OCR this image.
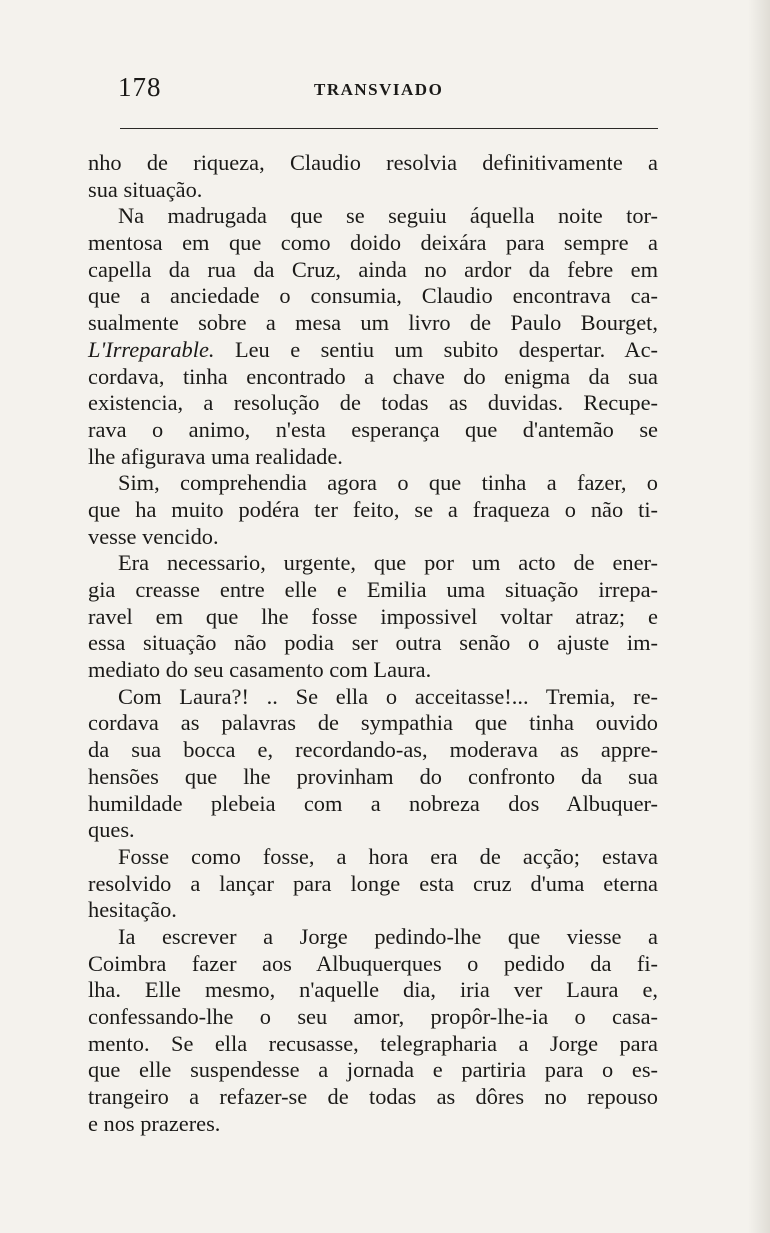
178	TRANSVIADO
nho de riqueza, Claudio resolvia definitivamente a
sua situação.
Na madrugada que se seguiu áquella noite tor-
mentosa em que como doido deixára para sempre a
capella da rua da Cruz, ainda no ardor da febre em
que a anciedade o consumia, Claudio encontrava ca-
sualmente sobre a mesa um livro de Paulo Bourget,
L'Irreparable. Leu e sentiu um subito despertar. Ac-
cordava, tinha encontrado a chave do enigma da sua
existencia, a resolução de todas as duvidas. Recupe-
rava o animo, n'esta esperança que d'antemão se
lhe afigurava uma realidade.
Sim, comprehendia agora o que tinha a fazer, o
que ha muito podéra ter feito, se a fraqueza o não ti-
vesse vencido.
Era necessario, urgente, que por um acto de ener-
gia creasse entre elle e Emilia uma situação irrepa-
ravel em que lhe fosse impossivel voltar atraz; e
essa situação não podia ser outra senão o ajuste im-
mediato do seu casamento com Laura.
Com Laura?! .. Se ella o acceitasse!... Tremia, re-
cordava as palavras de sympathia que tinha ouvido
da sua bocca e, recordando-as, moderava as appre-
hensões que lhe provinham do confronto da sua
humildade plebeia com a nobreza dos Albuquer-
ques.
Fosse como fosse, a hora era de acção; estava
resolvido a lançar para longe esta cruz d'uma eterna
hesitação.
Ia escrever a Jorge pedindo-lhe que viesse a
Coimbra fazer aos Albuquerques o pedido da fi-
lha. Elle mesmo, n'aquelle dia, iria ver Laura e,
confessando-lhe o seu amor, propôr-lhe-ia o casa-
mento. Se ella recusasse, telegrapharia a Jorge para
que elle suspendesse a jornada e partiria para o es-
trangeiro a refazer-se de todas as dôres no repouso
e nos prazeres.
